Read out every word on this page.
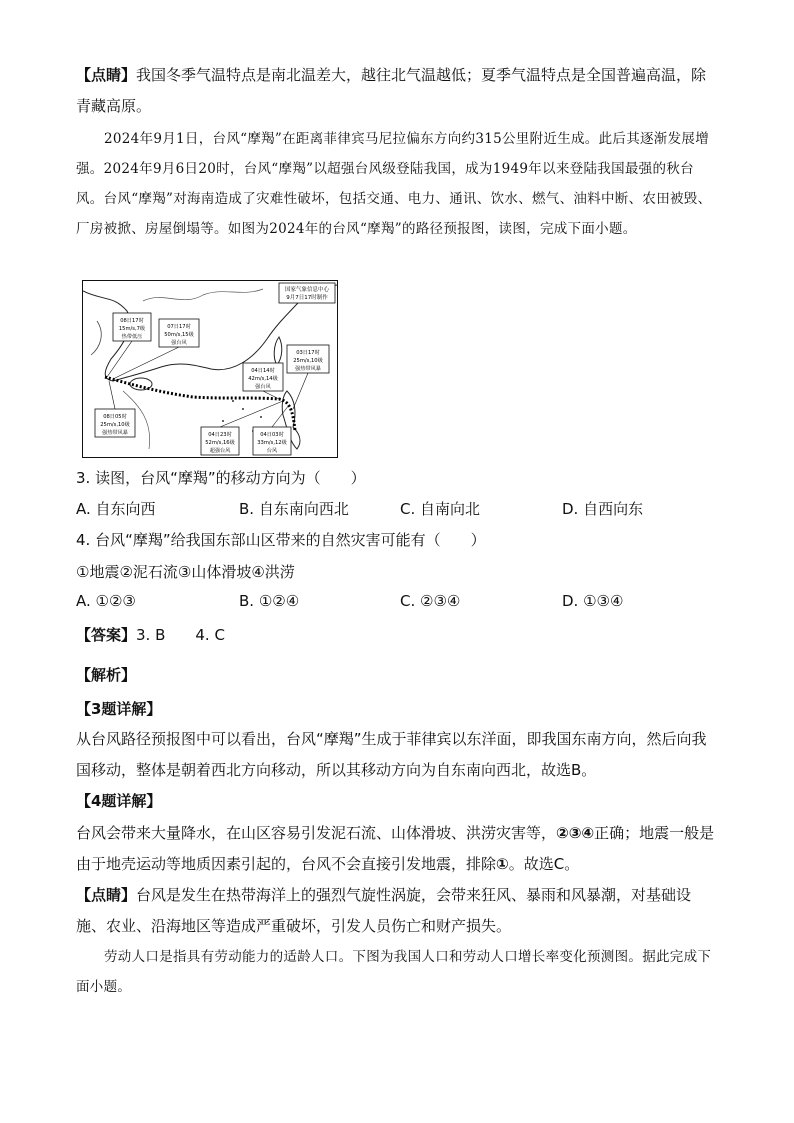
【点睛】我国冬季气温特点是南北温差大，越往北气温越低；夏季气温特点是全国普遍高温，除青藏高原。
2024年9月1日，台风“摩羯”在距离菲律宾马尼拉偏东方向约315公里附近生成。此后其逐渐发展增强。2024年9月6日20时，台风“摩羯”以超强台风级登陆我国，成为1949年以来登陆我国最强的秋台风。台风“摩羯”对海南造成了灾难性破坏，包括交通、电力、通讯、饮水、燃气、油料中断、农田被毁、厂房被掀、房屋倒塌等。如图为2024年的台风“摩羯”的路径预报图，读图，完成下面小题。
国家气象信息中心
9月7日17时制作
08日17时
15m/s,7级
热带低压
07日17时
50m/s,15级
强台风
03日17时
25m/s,10级
强热带风暴
04日14时
42m/s,14级
强台风
08日05时
25m/s,10级
强热带风暴	04日23时
52m/s,16级
超强台风
04日03时
33m/s,12级
台风
3. 读图，台风“摩羯”的移动方向为（　　）
A. 自东向西	B. 自东南向西北	C. 自南向北	D. 自西向东
4. 台风“摩羯”给我国东部山区带来的自然灾害可能有（　　）
①地震②泥石流③山体滑坡④洪涝
A. ①②③	B. ①②④	C. ②③④	D. ①③④
【答案】3. B　　4. C
【解析】
【3题详解】
从台风路径预报图中可以看出，台风“摩羯”生成于菲律宾以东洋面，即我国东南方向，然后向我国移动，整体是朝着西北方向移动，所以其移动方向为自东南向西北，故选B。
【4题详解】
台风会带来大量降水，在山区容易引发泥石流、山体滑坡、洪涝灾害等，②③④正确；地震一般是由于地壳运动等地质因素引起的，台风不会直接引发地震，排除①。故选C。
【点睛】台风是发生在热带海洋上的强烈气旋性涡旋，会带来狂风、暴雨和风暴潮，对基础设施、农业、沿海地区等造成严重破坏，引发人员伤亡和财产损失。
劳动人口是指具有劳动能力的适龄人口。下图为我国人口和劳动人口增长率变化预测图。据此完成下面小题。
